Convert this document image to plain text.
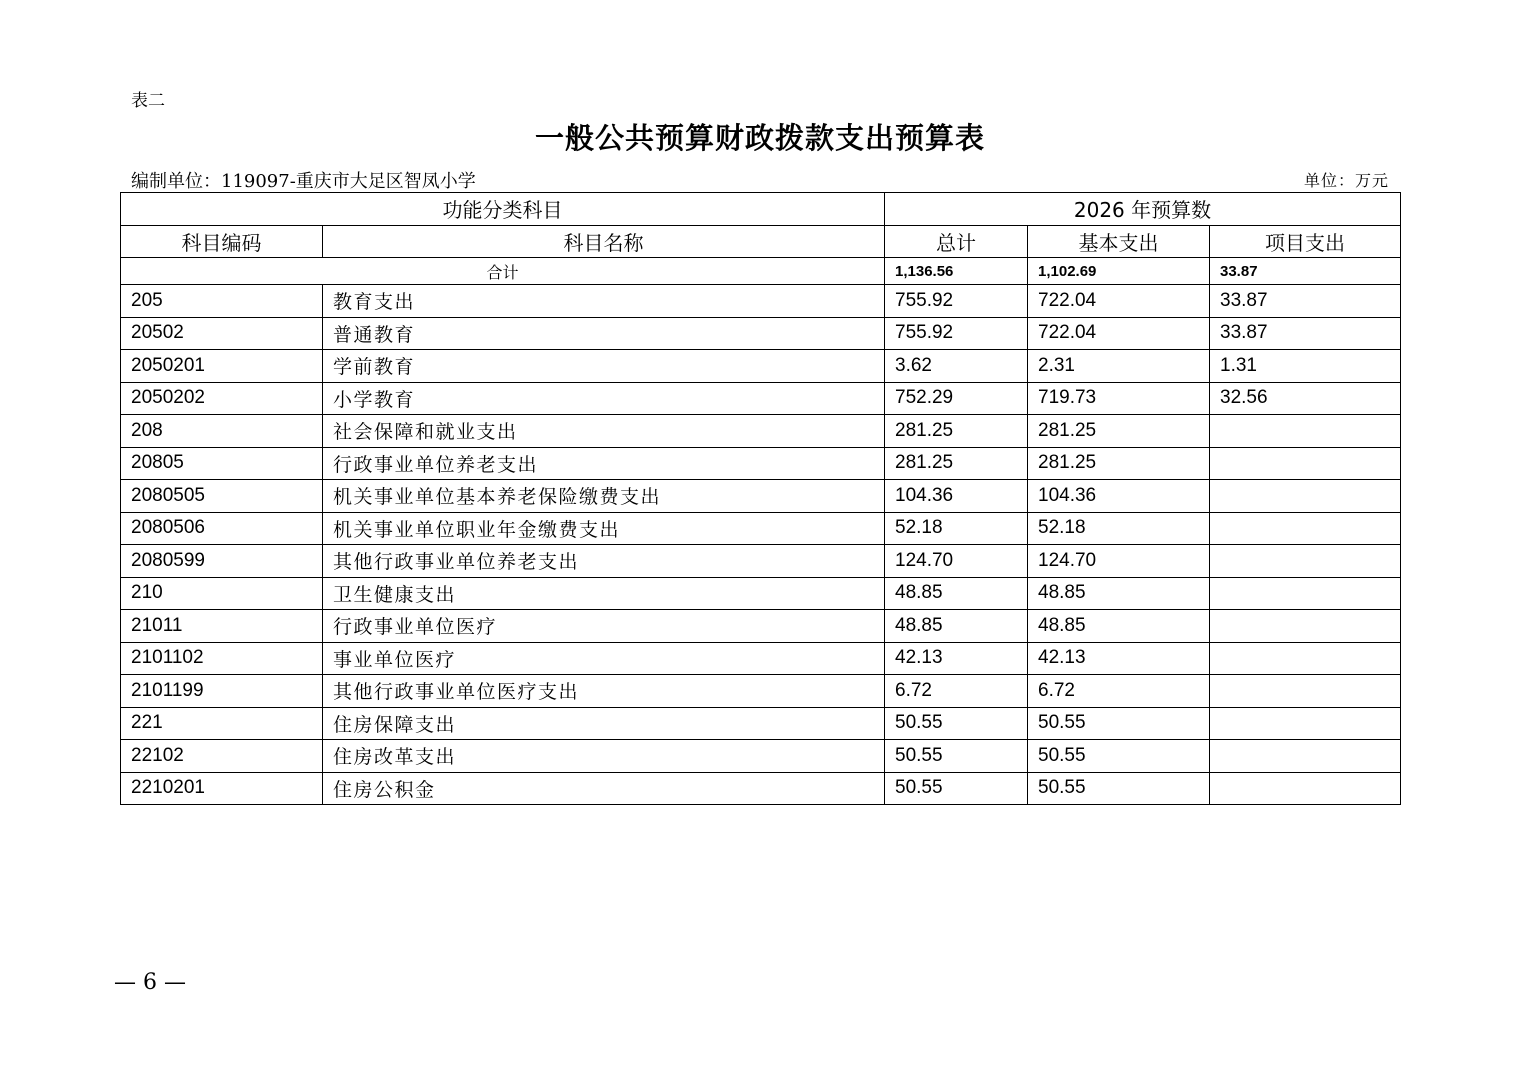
表二
一般公共预算财政拨款支出预算表
编制单位：119097-重庆市大足区智凤小学	单位：万元
功能分类科目		2026 年预算数		
科目编码	科目名称	总计	基本支出	项目支出
合计		1,136.56	1,102.69	33.87
205	教育支出	755.92	722.04	33.87
20502	普通教育	755.92	722.04	33.87
2050201	学前教育	3.62	2.31	1.31
2050202	小学教育	752.29	719.73	32.56
208	社会保障和就业支出	281.25	281.25	
20805	行政事业单位养老支出	281.25	281.25	
2080505	机关事业单位基本养老保险缴费支出	104.36	104.36	
2080506	机关事业单位职业年金缴费支出	52.18	52.18	
2080599	其他行政事业单位养老支出	124.70	124.70	
210	卫生健康支出	48.85	48.85	
21011	行政事业单位医疗	48.85	48.85	
2101102	事业单位医疗	42.13	42.13	
2101199	其他行政事业单位医疗支出	6.72	6.72	
221	住房保障支出	50.55	50.55	
22102	住房改革支出	50.55	50.55	
2210201	住房公积金	50.55	50.55	
— 6 —
